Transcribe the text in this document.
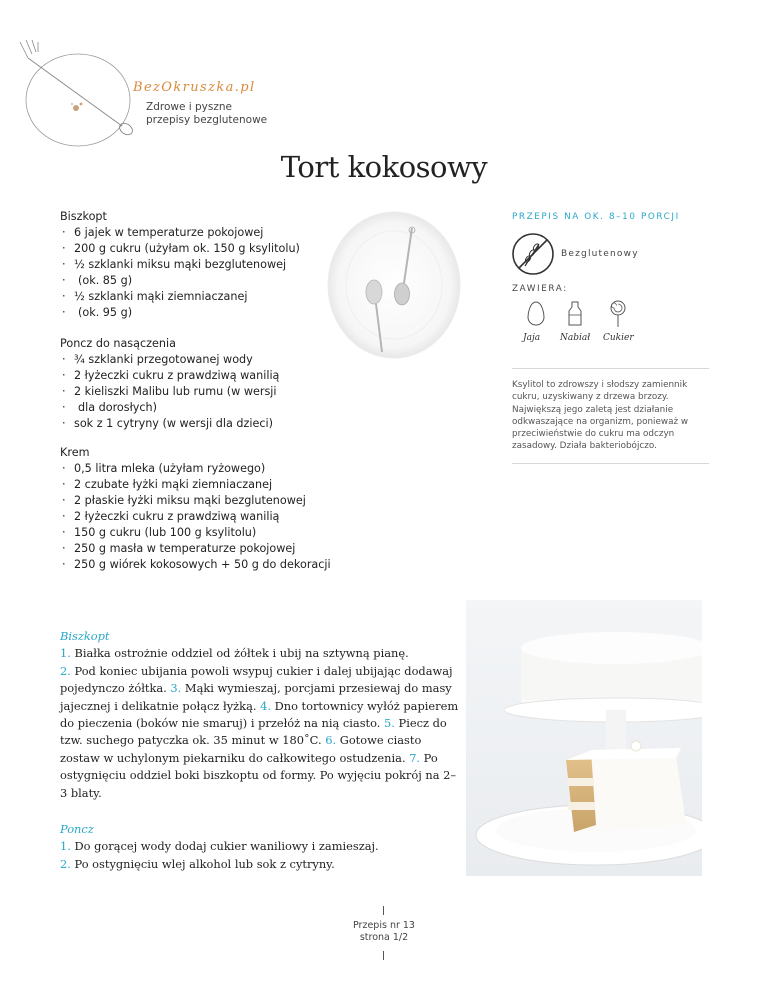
BezOkruszka.pl
Zdrowe i pyszne
przepisy bezglutenowe
Tort kokosowy
Biszkopt
· 6 jajek w temperaturze pokojowej
· 200 g cukru (użyłam ok. 150 g ksylitolu)
· ½ szklanki miksu mąki bezglutenowej
· (ok. 85 g)
· ½ szklanki mąki ziemniaczanej
· (ok. 95 g)
Poncz do nasączenia
· ¾ szklanki przegotowanej wody
· 2 łyżeczki cukru z prawdziwą wanilią
· 2 kieliszki Malibu lub rumu (w wersji
· dla dorosłych)
· sok z 1 cytryny (w wersji dla dzieci)
Krem
· 0,5 litra mleka (użyłam ryżowego)
· 2 czubate łyżki mąki ziemniaczanej
· 2 płaskie łyżki miksu mąki bezglutenowej
· 2 łyżeczki cukru z prawdziwą wanilią
· 150 g cukru (lub 100 g ksylitolu)
· 250 g masła w temperaturze pokojowej
· 250 g wiórek kokosowych + 50 g do dekoracji
PRZEPIS NA OK. 8–10 PORCJI
Bezglutenowy
ZAWIERA:
Jaja Nabiał Cukier
Ksylitol to zdrowszy i słodszy zamiennik cukru, uzyskiwany z drzewa brzozy. Największą jego zaletą jest działanie odkwaszające na organizm, ponieważ w przeciwieństwie do cukru ma odczyn zasadowy. Działa bakteriobójczo.
Biszkopt
1. Białka ostrożnie oddziel od żółtek i ubij na sztywną pianę.
2. Pod koniec ubijania powoli wsypuj cukier i dalej ubijając dodawaj pojedynczo żółtka. 3. Mąki wymieszaj, porcjami przesiewaj do masy jajecznej i delikatnie połącz łyżką. 4. Dno tortownicy wyłóż papierem do pieczenia (boków nie smaruj) i przełóż na nią ciasto. 5. Piecz do tzw. suchego patyczka ok. 35 minut w 180˚C. 6. Gotowe ciasto zostaw w uchylonym piekarniku do całkowitego ostudzenia. 7. Po ostygnięciu oddziel boki biszkoptu od formy. Po wyjęciu pokrój na 2–3 blaty.
Poncz
1. Do gorącej wody dodaj cukier waniliowy i zamieszaj.
2. Po ostygnięciu wlej alkohol lub sok z cytryny.
Przepis nr 13
strona 1/2
